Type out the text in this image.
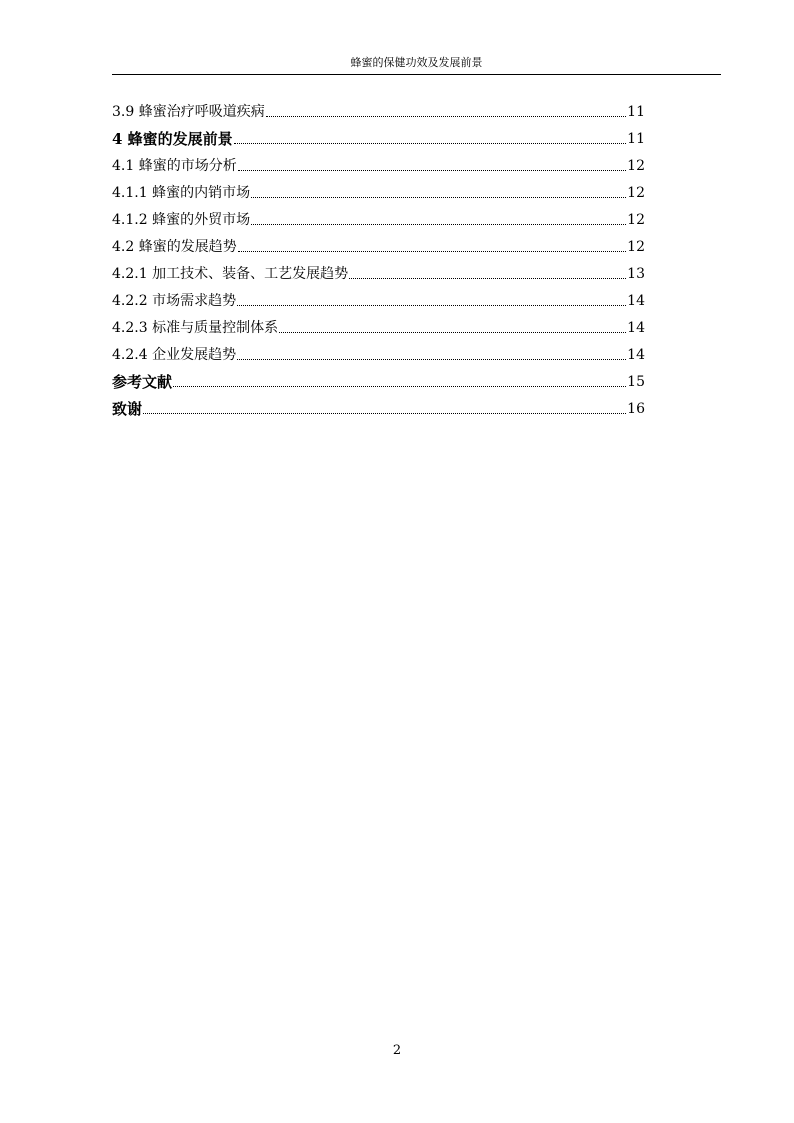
蜂蜜的保健功效及发展前景
3.9 蜂蜜治疗呼吸道疾病	11
4 蜂蜜的发展前景	11
4.1 蜂蜜的市场分析	12
4.1.1 蜂蜜的内销市场	12
4.1.2 蜂蜜的外贸市场	12
4.2 蜂蜜的发展趋势	12
4.2.1 加工技术、装备、工艺发展趋势	13
4.2.2 市场需求趋势	14
4.2.3 标准与质量控制体系	14
4.2.4 企业发展趋势	14
参考文献	15
致谢	16
2
